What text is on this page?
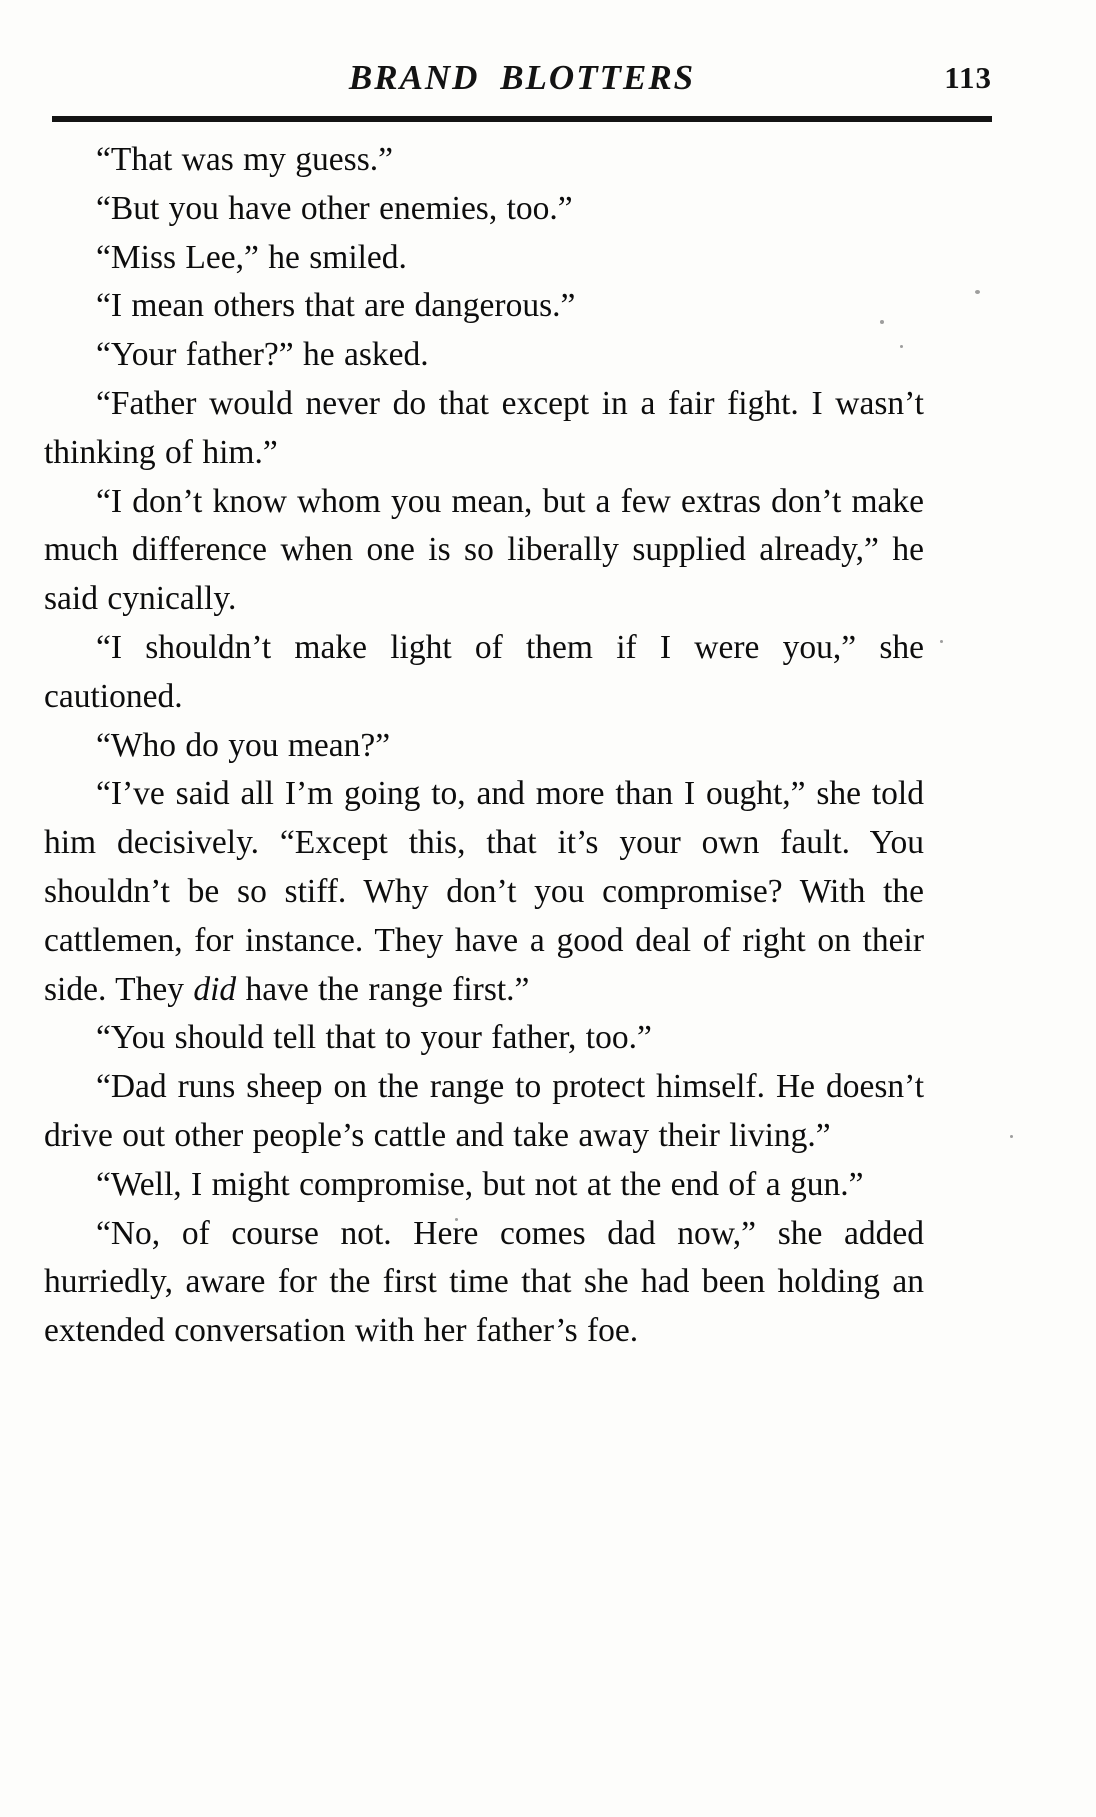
BRAND BLOTTERS	113

“That was my guess.”

“But you have other enemies, too.”

“Miss Lee,” he smiled.

“I mean others that are dangerous.”

“Your father?” he asked.

“Father would never do that except in a fair fight. I wasn’t thinking of him.”

“I don’t know whom you mean, but a few extras don’t make much difference when one is so liberally supplied already,” he said cynically.

“I shouldn’t make light of them if I were you,” she cautioned.

“Who do you mean?”

“I’ve said all I’m going to, and more than I ought,” she told him decisively. “Except this, that it’s your own fault. You shouldn’t be so stiff. Why don’t you compromise? With the cattlemen, for instance. They have a good deal of right on their side. They did have the range first.”

“You should tell that to your father, too.”

“Dad runs sheep on the range to protect himself. He doesn’t drive out other people’s cattle and take away their living.”

“Well, I might compromise, but not at the end of a gun.”

“No, of course not. Here comes dad now,” she added hurriedly, aware for the first time that she had been holding an extended conversation with her father’s foe.
